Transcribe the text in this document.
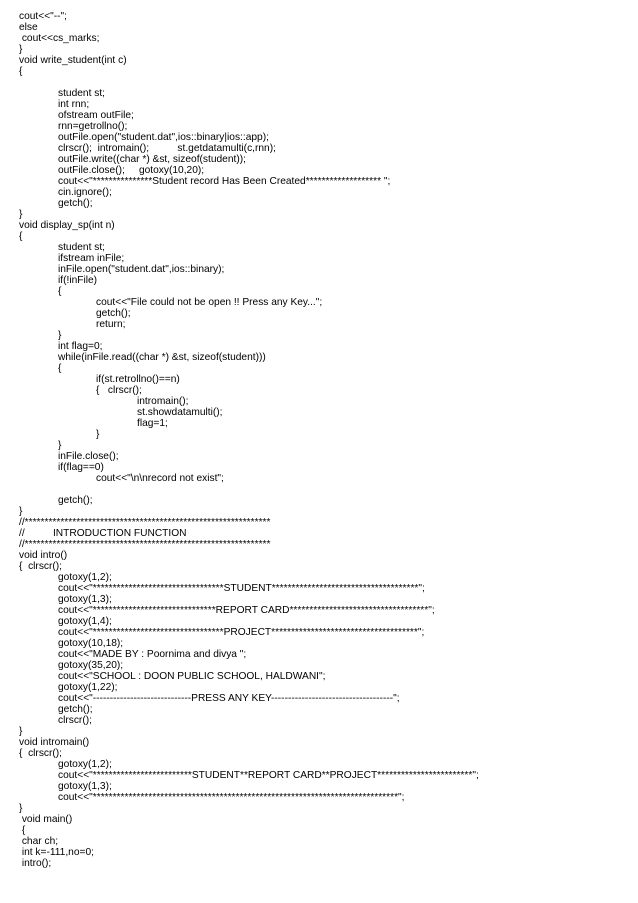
cout<<"--";
else
cout<<cs_marks;
}
void write_student(int c)
{
student st;
int rnn;
ofstream outFile;
rnn=getrollno();
outFile.open("student.dat",ios::binary|ios::app);
clrscr();  intromain();          st.getdatamulti(c,rnn);
outFile.write((char *) &st, sizeof(student));
outFile.close();     gotoxy(10,20);
cout<<"***************Student record Has Been Created******************* ";
cin.ignore();
getch();
}
void display_sp(int n)
{
student st;
ifstream inFile;
inFile.open("student.dat",ios::binary);
if(!inFile)
{
cout<<"File could not be open !! Press any Key...";
getch();
return;
}
int flag=0;
while(inFile.read((char *) &st, sizeof(student)))
{
if(st.retrollno()==n)
{   clrscr();
intromain();
st.showdatamulti();
flag=1;
}
}
inFile.close();
if(flag==0)
cout<<"\n\nrecord not exist";
getch();
}
//**************************************************************
//          INTRODUCTION FUNCTION
//**************************************************************
void intro()
{  clrscr();
gotoxy(1,2);
cout<<"*********************************STUDENT*************************************";
gotoxy(1,3);
cout<<"*******************************REPORT CARD***********************************";
gotoxy(1,4);
cout<<"*********************************PROJECT*************************************";
gotoxy(10,18);
cout<<"MADE BY : Poornima and divya ";
gotoxy(35,20);
cout<<"SCHOOL : DOON PUBLIC SCHOOL, HALDWANI";
gotoxy(1,22);
cout<<"-----------------------------PRESS ANY KEY------------------------------------";
getch();
clrscr();
}
void intromain()
{  clrscr();
gotoxy(1,2);
cout<<"*************************STUDENT**REPORT CARD**PROJECT************************";
gotoxy(1,3);
cout<<"*****************************************************************************";
}
void main()
{
char ch;
int k=-111,no=0;
intro();
